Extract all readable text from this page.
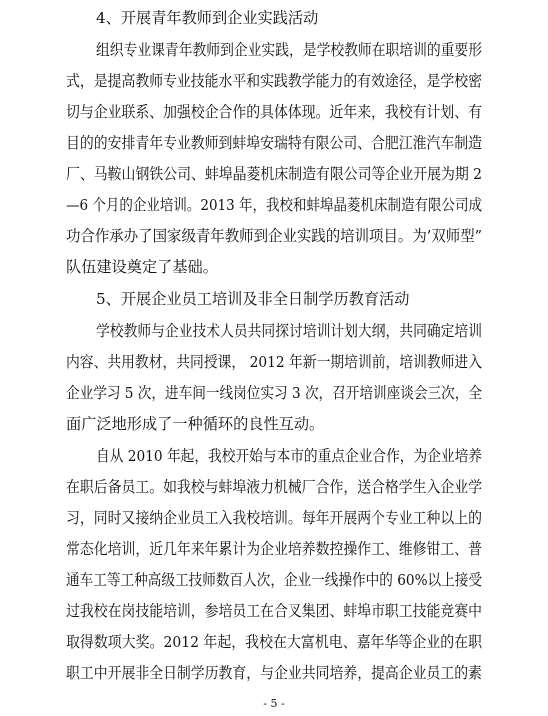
4、开展青年教师到企业实践活动
组织专业课青年教师到企业实践，是学校教师在职培训的重要形
式，是提高教师专业技能水平和实践教学能力的有效途径，是学校密
切与企业联系、加强校企合作的具体体现。近年来，我校有计划、有
目的的安排青年专业教师到蚌埠安瑞特有限公司、合肥江淮汽车制造
厂、马鞍山钢铁公司、蚌埠晶菱机床制造有限公司等企业开展为期 2
—6 个月的企业培训。2013 年，我校和蚌埠晶菱机床制造有限公司成
功合作承办了国家级青年教师到企业实践的培训项目。为’双师型”
队伍建设奠定了基础。
5、开展企业员工培训及非全日制学历教育活动
学校教师与企业技术人员共同探讨培训计划大纲，共同确定培训
内容、共用教材，共同授课， 2012 年新一期培训前，培训教师进入
企业学习 5 次，进车间一线岗位实习 3 次，召开培训座谈会三次，全
面广泛地形成了一种循环的良性互动。
自从 2010 年起，我校开始与本市的重点企业合作，为企业培养
在职后备员工。如我校与蚌埠液力机械厂合作，送合格学生入企业学
习，同时又接纳企业员工入我校培训。每年开展两个专业工种以上的
常态化培训，近几年来年累计为企业培养数控操作工、维修钳工、普
通车工等工种高级工技师数百人次，企业一线操作中的 60%以上接受
过我校在岗技能培训，参培员工在合叉集团、蚌埠市职工技能竞赛中
取得数项大奖。2012 年起，我校在大富机电、嘉年华等企业的在职
职工中开展非全日制学历教育，与企业共同培养，提高企业员工的素
- 5 -
